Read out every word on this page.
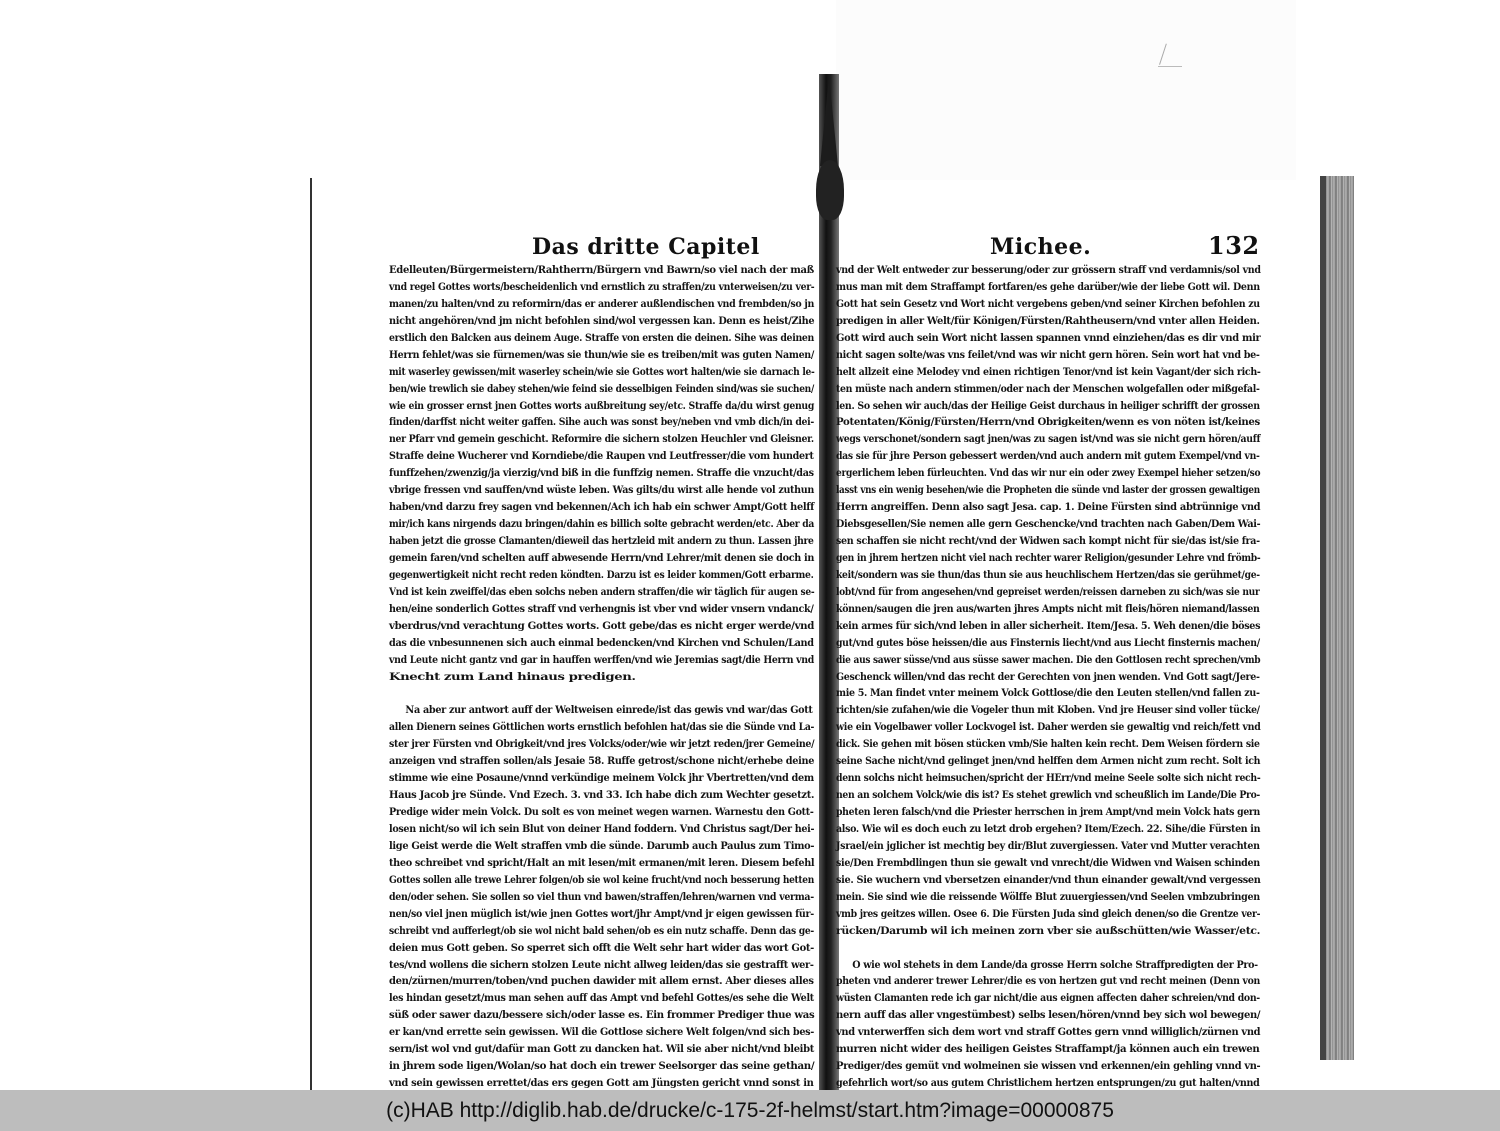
Das dritte Capitel	Michee.	132
Edelleuten/Bürgermeistern/Rahtherrn/Bürgern vnd Bawrn/so viel nach der maß
vnd regel Gottes worts/bescheidenlich vnd ernstlich zu straffen/zu vnterweisen/zu ver-
manen/zu halten/vnd zu reformirn/das er anderer außlendischen vnd frembden/so jn
nicht angehören/vnd jm nicht befohlen sind/wol vergessen kan. Denn es heist/Zihe
erstlich den Balcken aus deinem Auge. Straffe von ersten die deinen. Sihe was deinen
Herrn fehlet/was sie fürnemen/was sie thun/wie sie es treiben/mit was guten Namen/
mit waserley gewissen/mit waserley schein/wie sie Gottes wort halten/wie sie darnach le-
ben/wie trewlich sie dabey stehen/wie feind sie desselbigen Feinden sind/was sie suchen/
wie ein grosser ernst jnen Gottes worts außbreitung sey/etc. Straffe da/du wirst genug
finden/darffst nicht weiter gaffen. Sihe auch was sonst bey/neben vnd vmb dich/in dei-
ner Pfarr vnd gemein geschicht. Reformire die sichern stolzen Heuchler vnd Gleisner.
Straffe deine Wucherer vnd Korndiebe/die Raupen vnd Leutfresser/die vom hundert
funffzehen/zwenzig/ja vierzig/vnd biß in die funffzig nemen. Straffe die vnzucht/das
vbrige fressen vnd sauffen/vnd wüste leben. Was gilts/du wirst alle hende vol zuthun
haben/vnd darzu frey sagen vnd bekennen/Ach ich hab ein schwer Ampt/Gott helff
mir/ich kans nirgends dazu bringen/dahin es billich solte gebracht werden/etc. Aber da
haben jetzt die grosse Clamanten/dieweil das hertzleid mit andern zu thun. Lassen jhre
gemein faren/vnd schelten auff abwesende Herrn/vnd Lehrer/mit denen sie doch in
gegenwertigkeit nicht recht reden köndten. Darzu ist es leider kommen/Gott erbarme.
Vnd ist kein zweiffel/das eben solchs neben andern straffen/die wir täglich für augen se-
hen/eine sonderlich Gottes straff vnd verhengnis ist vber vnd wider vnsern vndanck/
vberdrus/vnd verachtung Gottes worts. Gott gebe/das es nicht erger werde/vnd
das die vnbesunnenen sich auch einmal bedencken/vnd Kirchen vnd Schulen/Land
vnd Leute nicht gantz vnd gar in hauffen werffen/vnd wie Jeremias sagt/die Herrn vnd
Knecht zum Land hinaus predigen.
Na aber zur antwort auff der Weltweisen einrede/ist das gewis vnd war/das Gott
allen Dienern seines Göttlichen worts ernstlich befohlen hat/das sie die Sünde vnd La-
ster jrer Fürsten vnd Obrigkeit/vnd jres Volcks/oder/wie wir jetzt reden/jrer Gemeine/
anzeigen vnd straffen sollen/als Jesaie 58. Ruffe getrost/schone nicht/erhebe deine
stimme wie eine Posaune/vnnd verkündige meinem Volck jhr Vbertretten/vnd dem
Haus Jacob jre Sünde. Vnd Ezech. 3. vnd 33. Ich habe dich zum Wechter gesetzt.
Predige wider mein Volck. Du solt es von meinet wegen warnen. Warnestu den Gott-
losen nicht/so wil ich sein Blut von deiner Hand foddern. Vnd Christus sagt/Der hei-
lige Geist werde die Welt straffen vmb die sünde. Darumb auch Paulus zum Timo-
theo schreibet vnd spricht/Halt an mit lesen/mit ermanen/mit leren. Diesem befehl
Gottes sollen alle trewe Lehrer folgen/ob sie wol keine frucht/vnd noch besserung hetten
den/oder sehen. Sie sollen so viel thun vnd bawen/straffen/lehren/warnen vnd verma-
nen/so viel jnen müglich ist/wie jnen Gottes wort/jhr Ampt/vnd jr eigen gewissen für-
schreibt vnd aufferlegt/ob sie wol nicht bald sehen/ob es ein nutz schaffe. Denn das ge-
deien mus Gott geben. So sperret sich offt die Welt sehr hart wider das wort Got-
tes/vnd wollens die sichern stolzen Leute nicht allweg leiden/das sie gestrafft wer-
den/zürnen/murren/toben/vnd puchen dawider mit allem ernst. Aber dieses alles
les hindan gesetzt/mus man sehen auff das Ampt vnd befehl Gottes/es sehe die Welt
süß oder sawer dazu/bessere sich/oder lasse es. Ein frommer Prediger thue was
er kan/vnd errette sein gewissen. Wil die Gottlose sichere Welt folgen/vnd sich bes-
sern/ist wol vnd gut/dafür man Gott zu dancken hat. Wil sie aber nicht/vnd bleibt
in jhrem sode ligen/Wolan/so hat doch ein trewer Seelsorger das seine gethan/
vnd sein gewissen errettet/das ers gegen Gott am Jüngsten gericht vnnd sonst in
vnd der Welt entweder zur besserung/oder zur grössern straff vnd verdamnis/sol vnd
mus man mit dem Straffampt fortfaren/es gehe darüber/wie der liebe Gott wil. Denn
Gott hat sein Gesetz vnd Wort nicht vergebens geben/vnd seiner Kirchen befohlen zu
predigen in aller Welt/für Königen/Fürsten/Rahtheusern/vnd vnter allen Heiden.
Gott wird auch sein Wort nicht lassen spannen vnnd einziehen/das es dir vnd mir
nicht sagen solte/was vns feilet/vnd was wir nicht gern hören. Sein wort hat vnd be-
helt allzeit eine Melodey vnd einen richtigen Tenor/vnd ist kein Vagant/der sich rich-
ten müste nach andern stimmen/oder nach der Menschen wolgefallen oder mißgefal-
len. So sehen wir auch/das der Heilige Geist durchaus in heiliger schrifft der grossen
Potentaten/König/Fürsten/Herrn/vnd Obrigkeiten/wenn es von nöten ist/keines
wegs verschonet/sondern sagt jnen/was zu sagen ist/vnd was sie nicht gern hören/auff
das sie für jhre Person gebessert werden/vnd auch andern mit gutem Exempel/vnd vn-
ergerlichem leben fürleuchten. Vnd das wir nur ein oder zwey Exempel hieher setzen/so
lasst vns ein wenig besehen/wie die Propheten die sünde vnd laster der grossen gewaltigen
Herrn angreiffen. Denn also sagt Jesa. cap. 1. Deine Fürsten sind abtrünnige vnd
Diebsgesellen/Sie nemen alle gern Geschencke/vnd trachten nach Gaben/Dem Wai-
sen schaffen sie nicht recht/vnd der Widwen sach kompt nicht für sie/das ist/sie fra-
gen in jhrem hertzen nicht viel nach rechter warer Religion/gesunder Lehre vnd frömb-
keit/sondern was sie thun/das thun sie aus heuchlischem Hertzen/das sie gerühmet/ge-
lobt/vnd für from angesehen/vnd gepreiset werden/reissen darneben zu sich/was sie nur
können/saugen die jren aus/warten jhres Ampts nicht mit fleis/hören niemand/lassen
kein armes für sich/vnd leben in aller sicherheit. Item/Jesa. 5. Weh denen/die böses
gut/vnd gutes böse heissen/die aus Finsternis liecht/vnd aus Liecht finsternis machen/
die aus sawer süsse/vnd aus süsse sawer machen. Die den Gottlosen recht sprechen/vmb
Geschenck willen/vnd das recht der Gerechten von jnen wenden. Vnd Gott sagt/Jere-
mie 5. Man findet vnter meinem Volck Gottlose/die den Leuten stellen/vnd fallen zu-
richten/sie zufahen/wie die Vogeler thun mit Kloben. Vnd jre Heuser sind voller tücke/
wie ein Vogelbawer voller Lockvogel ist. Daher werden sie gewaltig vnd reich/fett vnd
dick. Sie gehen mit bösen stücken vmb/Sie halten kein recht. Dem Weisen fördern sie
seine Sache nicht/vnd gelinget jnen/vnd helffen dem Armen nicht zum recht. Solt ich
denn solchs nicht heimsuchen/spricht der HErr/vnd meine Seele solte sich nicht rech-
nen an solchem Volck/wie dis ist? Es stehet grewlich vnd scheußlich im Lande/Die Pro-
pheten leren falsch/vnd die Priester herrschen in jrem Ampt/vnd mein Volck hats gern
also. Wie wil es doch euch zu letzt drob ergehen? Item/Ezech. 22. Sihe/die Fürsten in
Jsrael/ein jglicher ist mechtig bey dir/Blut zuvergiessen. Vater vnd Mutter verachten
sie/Den Frembdlingen thun sie gewalt vnd vnrecht/die Widwen vnd Waisen schinden
sie. Sie wuchern vnd vbersetzen einander/vnd thun einander gewalt/vnd vergessen
mein. Sie sind wie die reissende Wölffe Blut zuuergiessen/vnd Seelen vmbzubringen
vmb jres geitzes willen. Osee 6. Die Fürsten Juda sind gleich denen/so die Grentze ver-
rücken/Darumb wil ich meinen zorn vber sie außschütten/wie Wasser/etc.
O wie wol stehets in dem Lande/da grosse Herrn solche Straffpredigten der Pro-
pheten vnd anderer trewer Lehrer/die es von hertzen gut vnd recht meinen (Denn von
wüsten Clamanten rede ich gar nicht/die aus eignen affecten daher schreien/vnd don-
nern auff das aller vngestümbest) selbs lesen/hören/vnnd bey sich wol bewegen/
vnd vnterwerffen sich dem wort vnd straff Gottes gern vnnd williglich/zürnen vnd
murren nicht wider des heiligen Geistes Straffampt/ja können auch ein trewen
Prediger/des gemüt vnd wolmeinen sie wissen vnd erkennen/ein gehling vnnd vn-
gefehrlich wort/so aus gutem Christlichem hertzen entsprungen/zu gut halten/vnnd
(c)HAB http://diglib.hab.de/drucke/c-175-2f-helmst/start.htm?image=00000875
